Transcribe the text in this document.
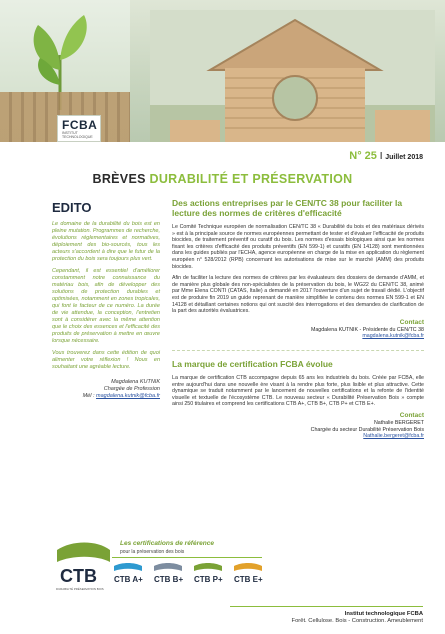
FCBA
INSTITUT TECHNOLOGIQUE
N° 25 I Juillet 2018
BRÈVES DURABILITÉ ET PRÉSERVATION
EDITO

Le domaine de la durabilité du bois est en pleine mutation. Programmes de recherche, évolutions réglementaires et normatives, déploiement des bio-sourcés, tous les acteurs s'accordent à dire que le futur de la protection du bois sera toujours plus vert.

Cependant, il est essentiel d'améliorer constamment notre connaissance du matériau bois, afin de développer des solutions de protection durables et optimisées, notamment en zones tropicales, qui font le facteur de ce numéro. La durée de vie attendue, la conception, l'entretien sont à considérer avec la même attention que le choix des essences et l'efficacité des produits de préservation à mettre en œuvre lorsque nécessaire.

Vous trouverez dans cette édition de quoi alimenter votre réflexion ! Nous en souhaitant une agréable lecture.

Magdalena KUTNIK
Chargée de Profession
Mél : magdalena.kutnik@fcba.fr
Des actions entreprises par le CEN/TC 38 pour faciliter la lecture des normes de critères d'efficacité

Le Comité Technique européen de normalisation CEN/TC 38 « Durabilité du bois et des matériaux dérivés » est à la principale source de normes européennes permettant de tester et d'évaluer l'efficacité de produits biocides, de traitement préventif ou curatif du bois. Les normes d'essais biologiques ainsi que les normes fixant les critères d'efficacité des produits préventifs (EN 599-1) et curatifs (EN 14128) sont mentionnées dans les guides publiés par l'ECHA, agence européenne en charge de la mise en application du règlement européen n° 528/2012 (RPB) concernant les autorisations de mise sur le marché (AMM) des produits biocides.

Afin de faciliter la lecture des normes de critères par les évaluateurs des dossiers de demande d'AMM, et de manière plus globale des non-spécialistes de la préservation du bois, le WG22 du CEN/TC 38, animé par Mme Elena CONTI (CATAS, Italie) a demandé en 2017 l'ouverture d'un sujet de travail dédié. L'objectif est de produire fin 2019 un guide reprenant de manière simplifiée le contenu des normes EN 599-1 et EN 14128 et détaillant certaines notions qui ont suscité des interrogations et des demandes de clarification de la part des autorités évaluatrices.

Contact
Magdalena KUTNIK - Présidente du CEN/TC 38
magdalena.kutnik@fcba.fr
La marque de certification FCBA évolue

La marque de certification CTB accompagne depuis 65 ans les industriels du bois. Créée par FCBA, elle entre aujourd'hui dans une nouvelle ère visant à la rendre plus forte, plus lisible et plus attractive. Cette dynamique se traduit notamment par le lancement de nouvelles certifications et la refonte de l'identité visuelle et textuelle de l'écosystème CTB. Le nouveau secteur « Durabilité Préservation Bois » compte ainsi 250 titulaires et comprend les certifications CTB A+, CTB B+, CTB P+ et CTB E+.

Contact
Nathalie BERGERET
Chargée du secteur Durabilité Préservation Bois
Nathalie.bergeret@fcba.fr
CTB
DURABILITÉ PRÉSERVATION BOIS
Les certifications de référence
pour la préservation des bois
CTB A+ CTB B+ CTB P+ CTB E+
Institut technologique FCBA
Forêt. Cellulose. Bois - Construction. Ameublement
